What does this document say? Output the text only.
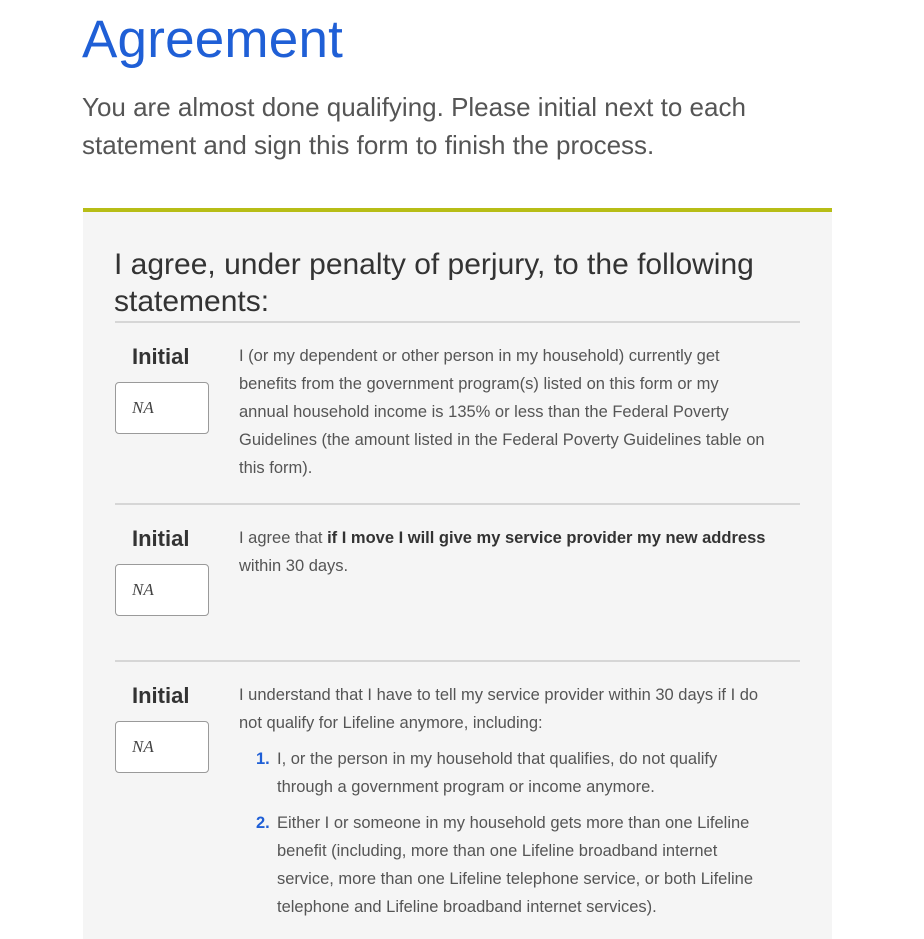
Agreement

You are almost done qualifying. Please initial next to each statement and sign this form to finish the process.

I agree, under penalty of perjury, to the following statements:
Initial
NA	I (or my dependent or other person in my household) currently get benefits from the government program(s) listed on this form or my annual household income is 135% or less than the Federal Poverty Guidelines (the amount listed in the Federal Poverty Guidelines table on this form).

Initial
NA	I agree that if I move I will give my service provider my new address within 30 days.

Initial
NA	I understand that I have to tell my service provider within 30 days if I do not qualify for Lifeline anymore, including:

1. I, or the person in my household that qualifies, do not qualify through a government program or income anymore.
2. Either I or someone in my household gets more than one Lifeline benefit (including, more than one Lifeline broadband internet service, more than one Lifeline telephone service, or both Lifeline telephone and Lifeline broadband internet services).
